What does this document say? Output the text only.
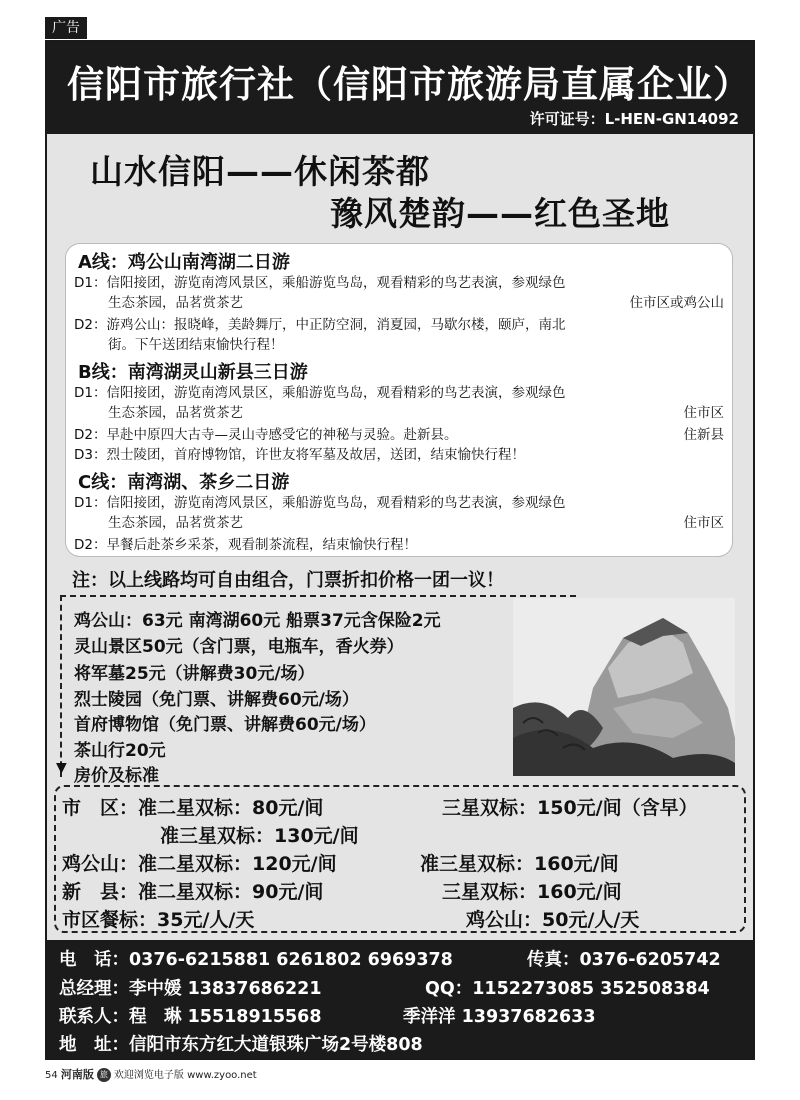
广告
信阳市旅行社（信阳市旅游局直属企业）
许可证号：L-HEN-GN14092
山水信阳——休闲茶都
豫风楚韵——红色圣地
A线：鸡公山南湾湖二日游
D1：信阳接团，游览南湾风景区，乘船游览鸟岛，观看精彩的鸟艺表演，参观绿色
生态茶园，品茗赏茶艺	住市区或鸡公山
D2：游鸡公山：报晓峰，美龄舞厅，中正防空洞，消夏园，马歇尔楼，颐庐，南北
街。下午送团结束愉快行程！
B线：南湾湖灵山新县三日游
D1：信阳接团，游览南湾风景区，乘船游览鸟岛，观看精彩的鸟艺表演，参观绿色
生态茶园，品茗赏茶艺	住市区
D2：早赴中原四大古寺—灵山寺感受它的神秘与灵验。赴新县。	住新县
D3：烈士陵团，首府博物馆，许世友将军墓及故居，送团，结束愉快行程！
C线：南湾湖、茶乡二日游
D1：信阳接团，游览南湾风景区，乘船游览鸟岛，观看精彩的鸟艺表演，参观绿色
生态茶园，品茗赏茶艺	住市区
D2：早餐后赴茶乡采茶，观看制茶流程，结束愉快行程！
注：以上线路均可自由组合，门票折扣价格一团一议！
鸡公山：63元 南湾湖60元 船票37元含保险2元
灵山景区50元（含门票，电瓶车，香火券）
将军墓25元（讲解费30元/场）
烈士陵园（免门票、讲解费60元/场）
首府博物馆（免门票、讲解费60元/场）
茶山行20元
房价及标准
▼
市　区：准二星双标：80元/间	三星双标：150元/间（含早）
准三星双标：130元/间
鸡公山：准二星双标：120元/间	准三星双标：160元/间
新　县：准二星双标：90元/间	三星双标：160元/间
市区餐标：35元/人/天	鸡公山：50元/人/天
电　话：0376-6215881 6261802 6969378	传真：0376-6205742
总经理：李中媛 13837686221	QQ：1152273085 352508384
联系人：程　琳 15518915568	季洋洋 13937682633
地　址：信阳市东方红大道银珠广场2号楼808
54 河南版 旅 欢迎浏览电子版 www.zyoo.net
